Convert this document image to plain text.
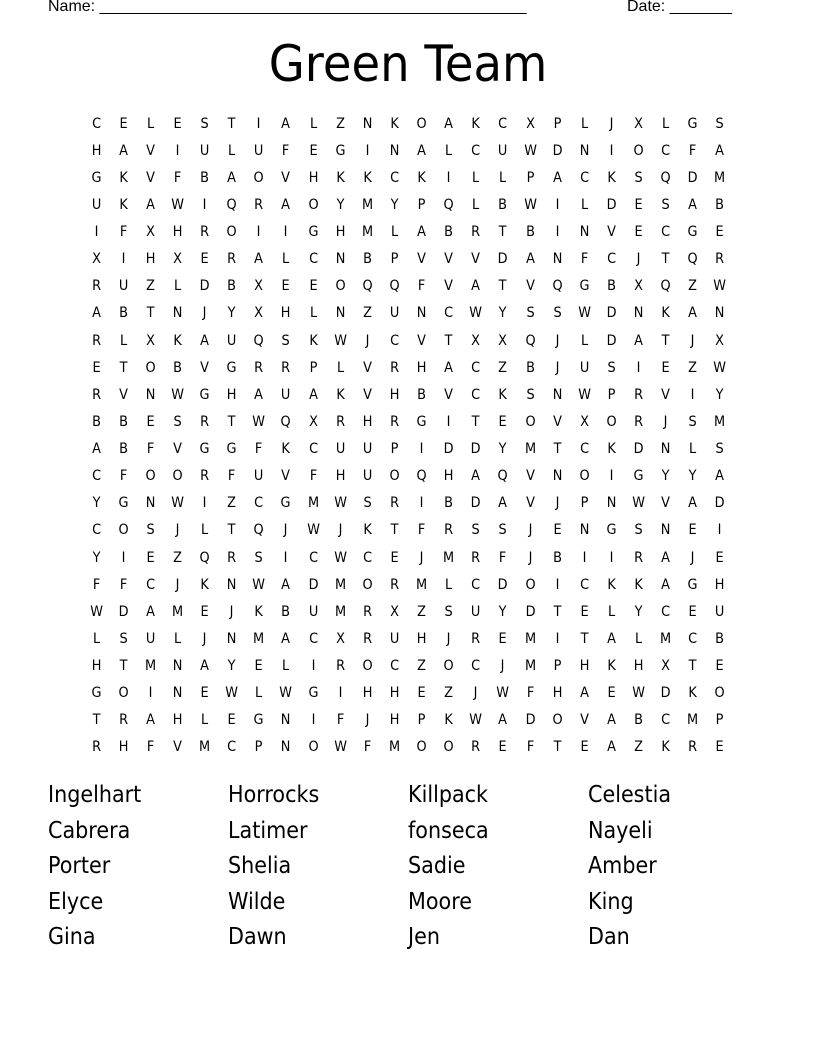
Name: ________________________________________________	Date: _______
Green Team
C	E	L	E	S	T	I	A	L	Z	N	K	O	A	K	C	X	P	L	J	X	L	G	S
H	A	V	I	U	L	U	F	E	G	I	N	A	L	C	U	W	D	N	I	O	C	F	A
G	K	V	F	B	A	O	V	H	K	K	C	K	I	L	L	P	A	C	K	S	Q	D	M
U	K	A	W	I	Q	R	A	O	Y	M	Y	P	Q	L	B	W	I	L	D	E	S	A	B
I	F	X	H	R	O	I	I	G	H	M	L	A	B	R	T	B	I	N	V	E	C	G	E
X	I	H	X	E	R	A	L	C	N	B	P	V	V	V	D	A	N	F	C	J	T	Q	R
R	U	Z	L	D	B	X	E	E	O	Q	Q	F	V	A	T	V	Q	G	B	X	Q	Z	W
A	B	T	N	J	Y	X	H	L	N	Z	U	N	C	W	Y	S	S	W	D	N	K	A	N
R	L	X	K	A	U	Q	S	K	W	J	C	V	T	X	X	Q	J	L	D	A	T	J	X
E	T	O	B	V	G	R	R	P	L	V	R	H	A	C	Z	B	J	U	S	I	E	Z	W
R	V	N	W	G	H	A	U	A	K	V	H	B	V	C	K	S	N	W	P	R	V	I	Y
B	B	E	S	R	T	W	Q	X	R	H	R	G	I	T	E	O	V	X	O	R	J	S	M
A	B	F	V	G	G	F	K	C	U	U	P	I	D	D	Y	M	T	C	K	D	N	L	S
C	F	O	O	R	F	U	V	F	H	U	O	Q	H	A	Q	V	N	O	I	G	Y	Y	A
Y	G	N	W	I	Z	C	G	M	W	S	R	I	B	D	A	V	J	P	N	W	V	A	D
C	O	S	J	L	T	Q	J	W	J	K	T	F	R	S	S	J	E	N	G	S	N	E	I
Y	I	E	Z	Q	R	S	I	C	W	C	E	J	M	R	F	J	B	I	I	R	A	J	E
F	F	C	J	K	N	W	A	D	M	O	R	M	L	C	D	O	I	C	K	K	A	G	H
W	D	A	M	E	J	K	B	U	M	R	X	Z	S	U	Y	D	T	E	L	Y	C	E	U
L	S	U	L	J	N	M	A	C	X	R	U	H	J	R	E	M	I	T	A	L	M	C	B
H	T	M	N	A	Y	E	L	I	R	O	C	Z	O	C	J	M	P	H	K	H	X	T	E
G	O	I	N	E	W	L	W	G	I	H	H	E	Z	J	W	F	H	A	E	W	D	K	O
T	R	A	H	L	E	G	N	I	F	J	H	P	K	W	A	D	O	V	A	B	C	M	P
R	H	F	V	M	C	P	N	O	W	F	M	O	O	R	E	F	T	E	A	Z	K	R	E
Ingelhart	Horrocks	Killpack	Celestia
Cabrera	Latimer	fonseca	Nayeli
Porter	Shelia	Sadie	Amber
Elyce	Wilde	Moore	King
Gina	Dawn	Jen	Dan
